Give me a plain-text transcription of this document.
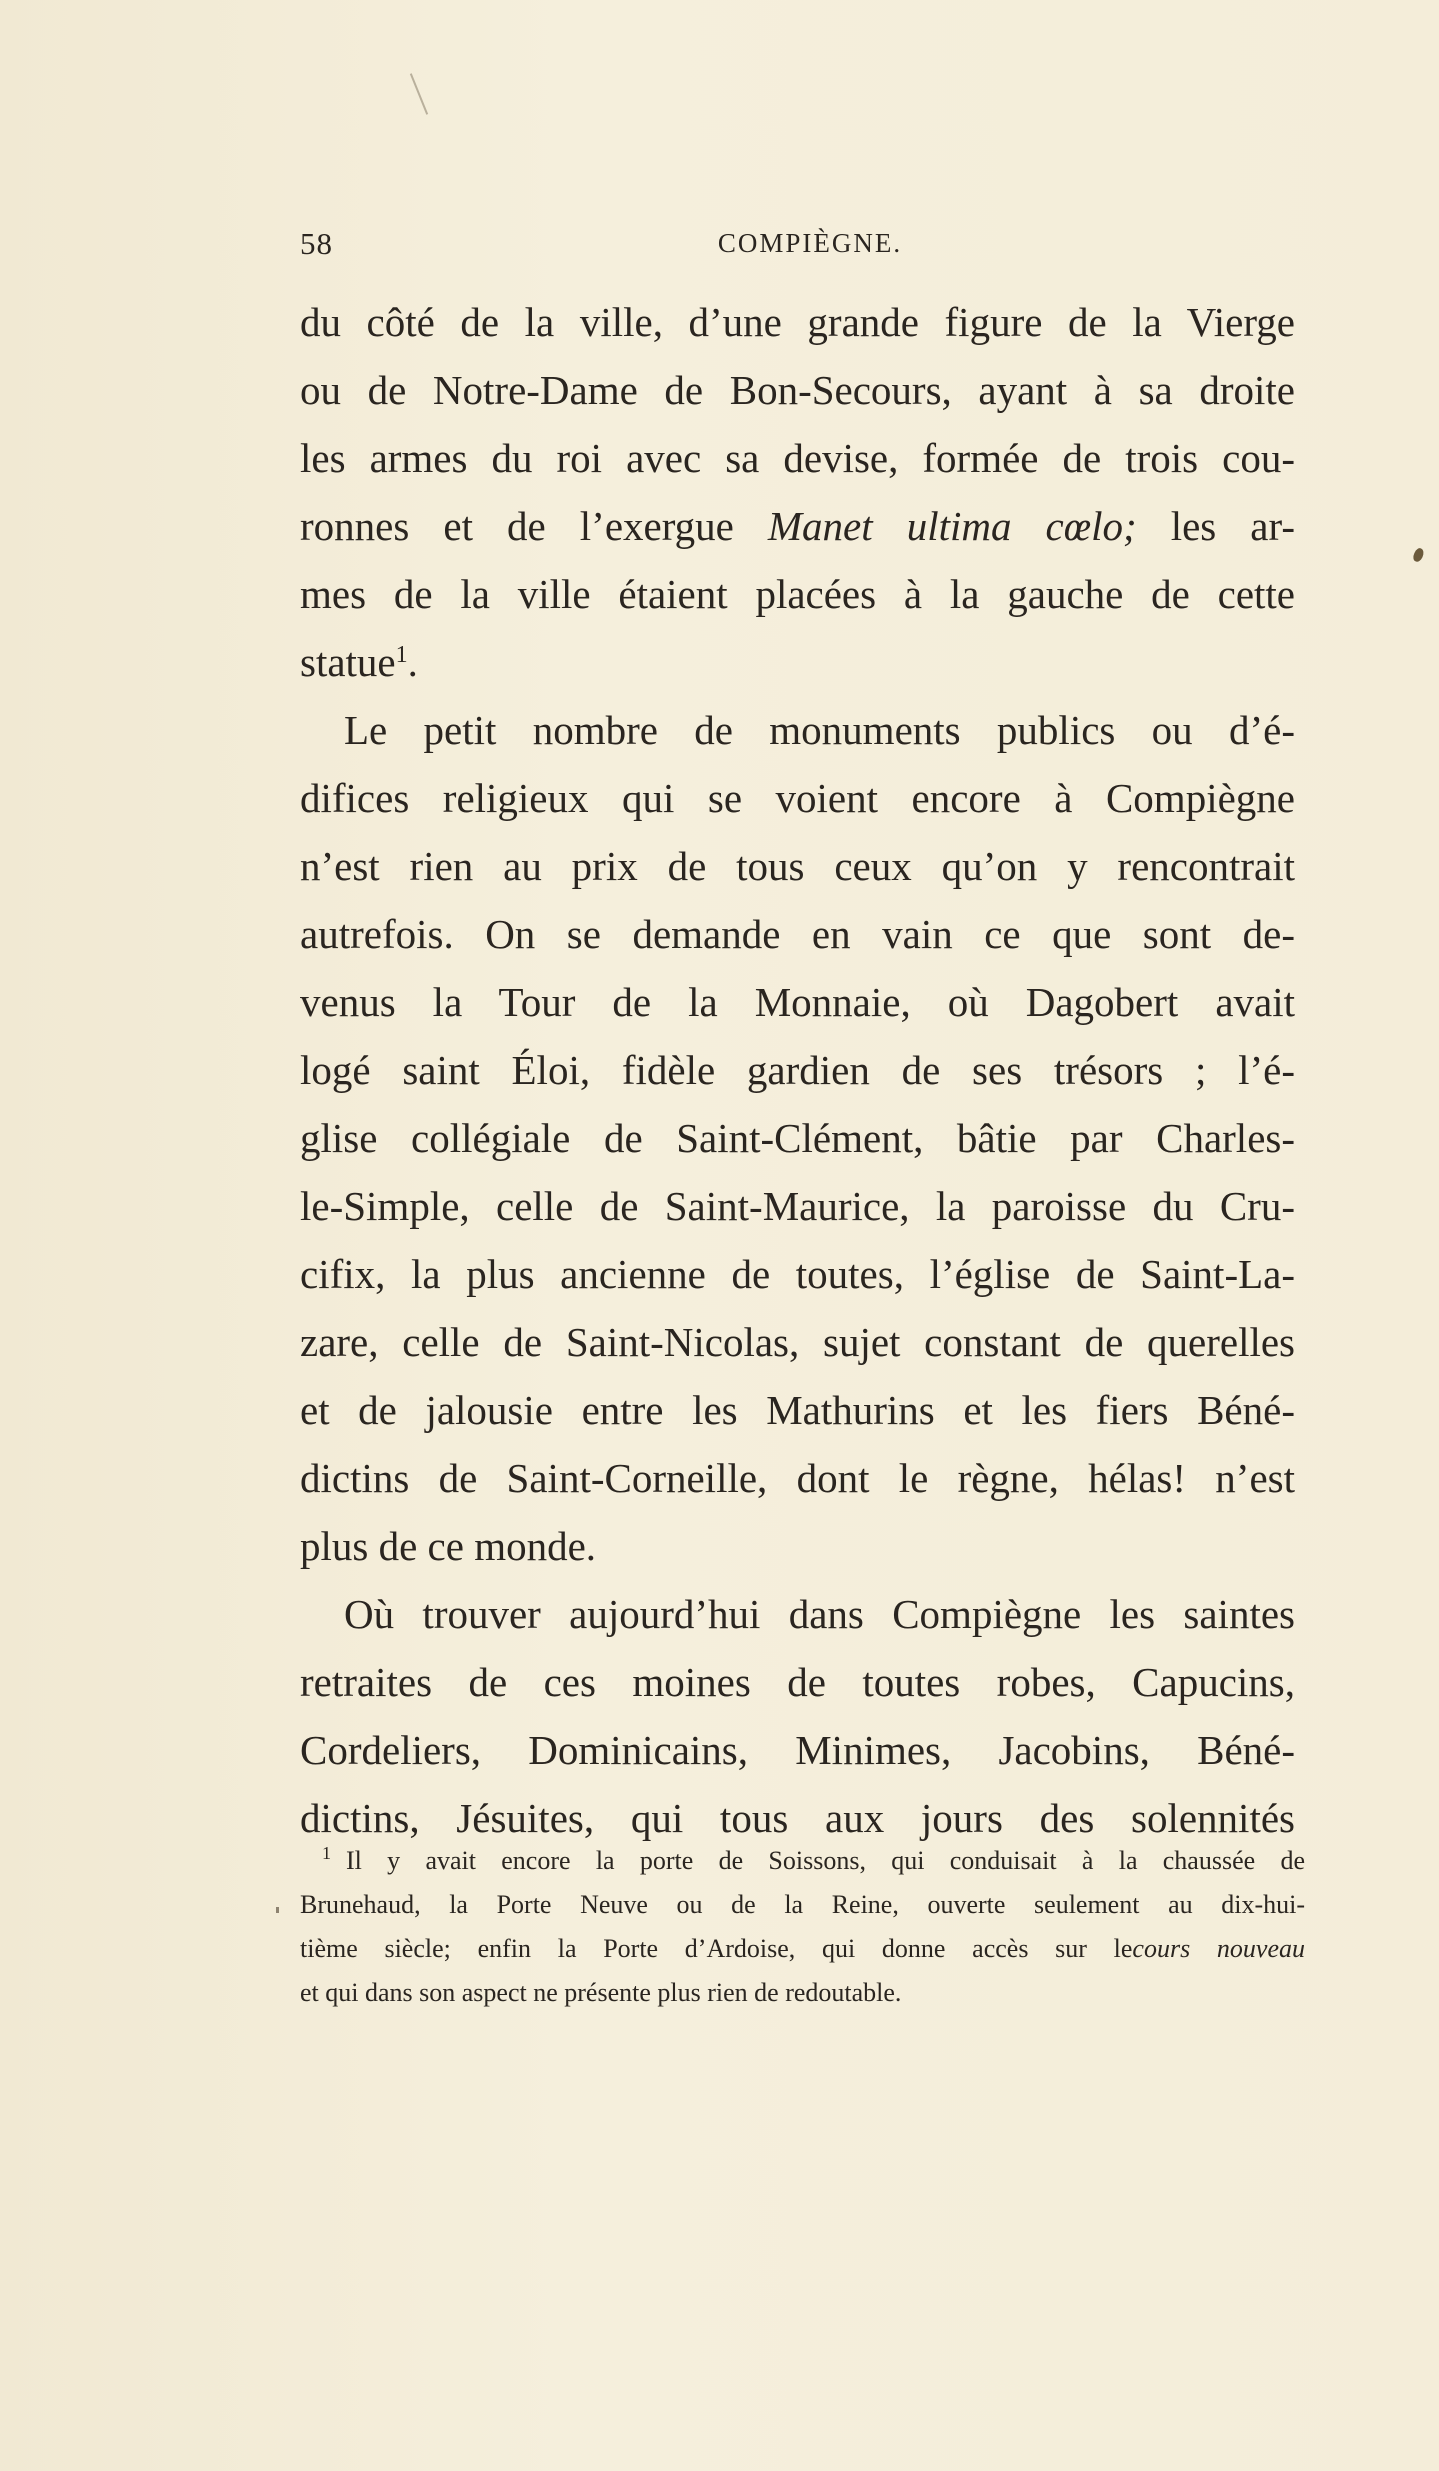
58	COMPIÈGNE.
du côté de la ville, d’une grande figure de la Vierge
ou de Notre-Dame de Bon-Secours, ayant à sa droite
les armes du roi avec sa devise, formée de trois cou-
ronnes et de l’exergue Manet ultima cœlo; les ar-
mes de la ville étaient placées à la gauche de cette
statue$^1$.
Le petit nombre de monuments publics ou d’é-
difices religieux qui se voient encore à Compiègne
n’est rien au prix de tous ceux qu’on y rencontrait
autrefois. On se demande en vain ce que sont de-
venus la Tour de la Monnaie, où Dagobert avait
logé saint Éloi, fidèle gardien de ses trésors ; l’é-
glise collégiale de Saint-Clément, bâtie par Charles-
le-Simple, celle de Saint-Maurice, la paroisse du Cru-
cifix, la plus ancienne de toutes, l’église de Saint-La-
zare, celle de Saint-Nicolas, sujet constant de querelles
et de jalousie entre les Mathurins et les fiers Béné-
dictins de Saint-Corneille, dont le règne, hélas! n’est
plus de ce monde.
Où trouver aujourd’hui dans Compiègne les saintes
retraites de ces moines de toutes robes, Capucins,
Cordeliers, Dominicains, Minimes, Jacobins, Béné-
dictins, Jésuites, qui tous aux jours des solennités
1 Il y avait encore la porte de Soissons, qui conduisait à la chaussée de
Brunehaud, la Porte Neuve ou de la Reine, ouverte seulement au dix-hui-
tième siècle; enfin la Porte d’Ardoise, qui donne accès sur lecours nouveau
et qui dans son aspect ne présente plus rien de redoutable.
